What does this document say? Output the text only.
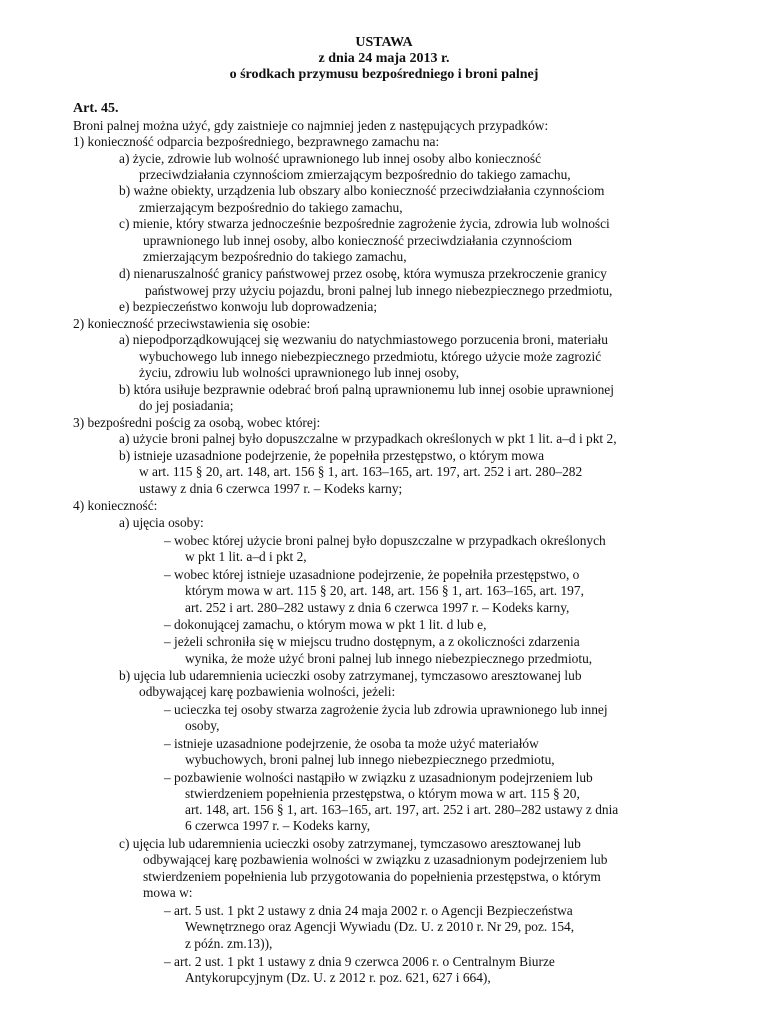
USTAWA
z dnia 24 maja 2013 r.
o środkach przymusu bezpośredniego i broni palnej
Art. 45.
Broni palnej można użyć, gdy zaistnieje co najmniej jeden z następujących przypadków:
1) konieczność odparcia bezpośredniego, bezprawnego zamachu na:
a) życie, zdrowie lub wolność uprawnionego lub innej osoby albo konieczność
przeciwdziałania czynnościom zmierzającym bezpośrednio do takiego zamachu,
b) ważne obiekty, urządzenia lub obszary albo konieczność przeciwdziałania czynnościom
zmierzającym bezpośrednio do takiego zamachu,
c) mienie, który stwarza jednocześnie bezpośrednie zagrożenie życia, zdrowia lub wolności
uprawnionego lub innej osoby, albo konieczność przeciwdziałania czynnościom
zmierzającym bezpośrednio do takiego zamachu,
d) nienaruszalność granicy państwowej przez osobę, która wymusza przekroczenie granicy
państwowej przy użyciu pojazdu, broni palnej lub innego niebezpiecznego przedmiotu,
e) bezpieczeństwo konwoju lub doprowadzenia;
2) konieczność przeciwstawienia się osobie:
a) niepodporządkowującej się wezwaniu do natychmiastowego porzucenia broni, materiału
wybuchowego lub innego niebezpiecznego przedmiotu, którego użycie może zagrozić
życiu, zdrowiu lub wolności uprawnionego lub innej osoby,
b) która usiłuje bezprawnie odebrać broń palną uprawnionemu lub innej osobie uprawnionej
do jej posiadania;
3) bezpośredni pościg za osobą, wobec której:
a) użycie broni palnej było dopuszczalne w przypadkach określonych w pkt 1 lit. a–d i pkt 2,
b) istnieje uzasadnione podejrzenie, że popełniła przestępstwo, o którym mowa
w art. 115 § 20, art. 148, art. 156 § 1, art. 163–165, art. 197, art. 252 i art. 280–282
ustawy z dnia 6 czerwca 1997 r. – Kodeks karny;
4) konieczność:
a) ujęcia osoby:
– wobec której użycie broni palnej było dopuszczalne w przypadkach określonych
w pkt 1 lit. a–d i pkt 2,
– wobec której istnieje uzasadnione podejrzenie, że popełniła przestępstwo, o
którym mowa w art. 115 § 20, art. 148, art. 156 § 1, art. 163–165, art. 197,
art. 252 i art. 280–282 ustawy z dnia 6 czerwca 1997 r. – Kodeks karny,
– dokonującej zamachu, o którym mowa w pkt 1 lit. d lub e,
– jeżeli schroniła się w miejscu trudno dostępnym, a z okoliczności zdarzenia
wynika, że może użyć broni palnej lub innego niebezpiecznego przedmiotu,
b) ujęcia lub udaremnienia ucieczki osoby zatrzymanej, tymczasowo aresztowanej lub
odbywającej karę pozbawienia wolności, jeżeli:
– ucieczka tej osoby stwarza zagrożenie życia lub zdrowia uprawnionego lub innej
osoby,
– istnieje uzasadnione podejrzenie, że osoba ta może użyć materiałów
wybuchowych, broni palnej lub innego niebezpiecznego przedmiotu,
– pozbawienie wolności nastąpiło w związku z uzasadnionym podejrzeniem lub
stwierdzeniem popełnienia przestępstwa, o którym mowa w art. 115 § 20,
art. 148, art. 156 § 1, art. 163–165, art. 197, art. 252 i art. 280–282 ustawy z dnia
6 czerwca 1997 r. – Kodeks karny,
c) ujęcia lub udaremnienia ucieczki osoby zatrzymanej, tymczasowo aresztowanej lub
odbywającej karę pozbawienia wolności w związku z uzasadnionym podejrzeniem lub
stwierdzeniem popełnienia lub przygotowania do popełnienia przestępstwa, o którym
mowa w:
– art. 5 ust. 1 pkt 2 ustawy z dnia 24 maja 2002 r. o Agencji Bezpieczeństwa
Wewnętrznego oraz Agencji Wywiadu (Dz. U. z 2010 r. Nr 29, poz. 154,
z późn. zm.13)),
– art. 2 ust. 1 pkt 1 ustawy z dnia 9 czerwca 2006 r. o Centralnym Biurze
Antykorupcyjnym (Dz. U. z 2012 r. poz. 621, 627 i 664),
